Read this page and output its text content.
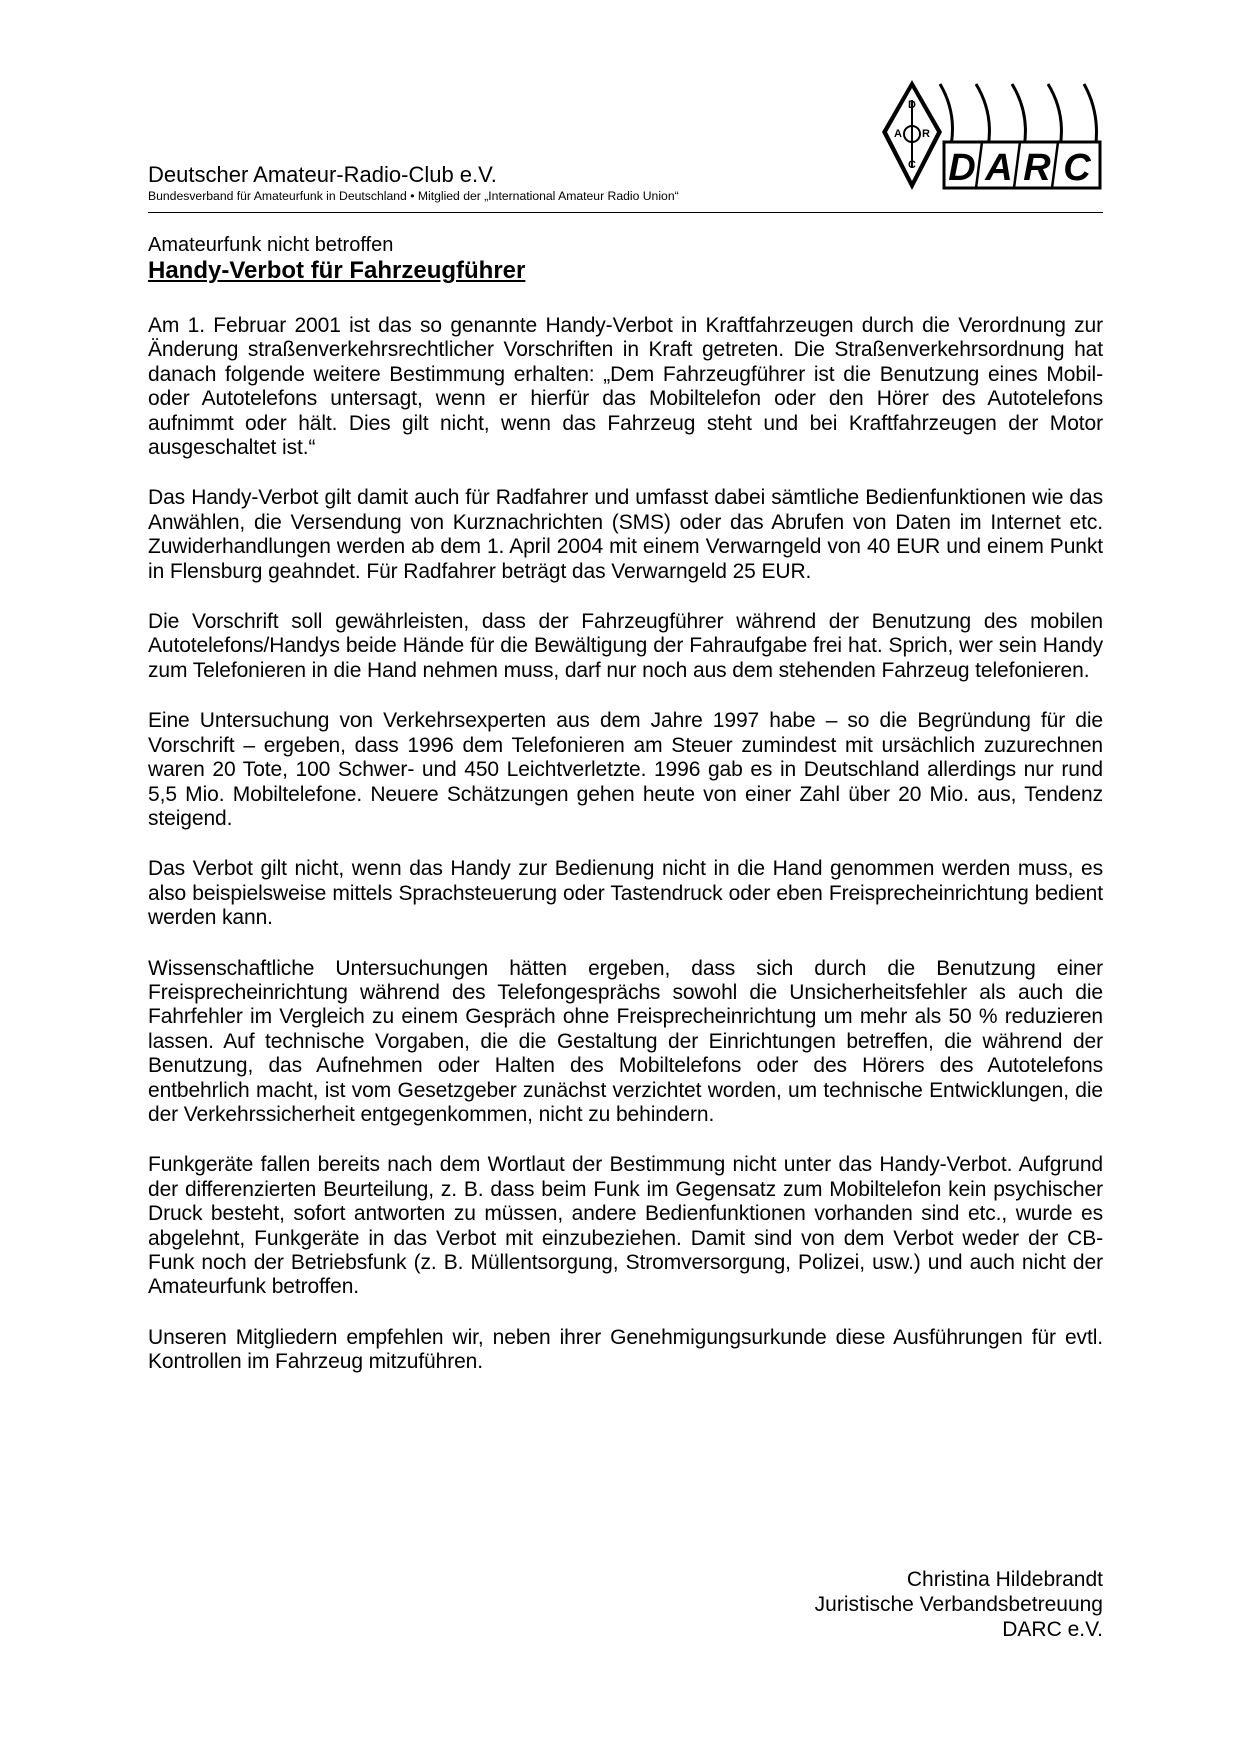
Deutscher Amateur-Radio-Club e.V.
Bundesverband für Amateurfunk in Deutschland • Mitglied der „International Amateur Radio Union“
D
A R
C D A R C

Amateurfunk nicht betroffen

Handy-Verbot für Fahrzeugführer

Am 1. Februar 2001 ist das so genannte Handy-Verbot in Kraftfahrzeugen durch die Verordnung zur Änderung straßenverkehrsrechtlicher Vorschriften in Kraft getreten. Die Straßenverkehrsordnung hat danach folgende weitere Bestimmung erhalten: „Dem Fahrzeugführer ist die Benutzung eines Mobil- oder Autotelefons untersagt, wenn er hierfür das Mobiltelefon oder den Hörer des Autotelefons aufnimmt oder hält. Dies gilt nicht, wenn das Fahrzeug steht und bei Kraftfahrzeugen der Motor ausgeschaltet ist.“

Das Handy-Verbot gilt damit auch für Radfahrer und umfasst dabei sämtliche Bedienfunktionen wie das Anwählen, die Versendung von Kurznachrichten (SMS) oder das Abrufen von Daten im Internet etc. Zuwiderhandlungen werden ab dem 1. April 2004 mit einem Verwarngeld von 40 EUR und einem Punkt in Flensburg geahndet. Für Radfahrer beträgt das Verwarngeld 25 EUR.

Die Vorschrift soll gewährleisten, dass der Fahrzeugführer während der Benutzung des mobilen Autotelefons/Handys beide Hände für die Bewältigung der Fahraufgabe frei hat. Sprich, wer sein Handy zum Telefonieren in die Hand nehmen muss, darf nur noch aus dem stehenden Fahrzeug telefonieren.

Eine Untersuchung von Verkehrsexperten aus dem Jahre 1997 habe – so die Begründung für die Vorschrift – ergeben, dass 1996 dem Telefonieren am Steuer zumindest mit ursächlich zuzurechnen waren 20 Tote, 100 Schwer- und 450 Leichtverletzte. 1996 gab es in Deutschland allerdings nur rund 5,5 Mio. Mobiltelefone. Neuere Schätzungen gehen heute von einer Zahl über 20 Mio. aus, Tendenz steigend.

Das Verbot gilt nicht, wenn das Handy zur Bedienung nicht in die Hand genommen werden muss, es also beispielsweise mittels Sprachsteuerung oder Tastendruck oder eben Freisprecheinrichtung bedient werden kann.

Wissenschaftliche Untersuchungen hätten ergeben, dass sich durch die Benutzung einer Freisprecheinrichtung während des Telefongesprächs sowohl die Unsicherheitsfehler als auch die Fahrfehler im Vergleich zu einem Gespräch ohne Freisprecheinrichtung um mehr als 50 % reduzieren lassen. Auf technische Vorgaben, die die Gestaltung der Einrichtungen betreffen, die während der Benutzung, das Aufnehmen oder Halten des Mobiltelefons oder des Hörers des Autotelefons entbehrlich macht, ist vom Gesetzgeber zunächst verzichtet worden, um technische Entwicklungen, die der Verkehrssicherheit entgegenkommen, nicht zu behindern.

Funkgeräte fallen bereits nach dem Wortlaut der Bestimmung nicht unter das Handy-Verbot. Aufgrund der differenzierten Beurteilung, z. B. dass beim Funk im Gegensatz zum Mobiltelefon kein psychischer Druck besteht, sofort antworten zu müssen, andere Bedienfunktionen vorhanden sind etc., wurde es abgelehnt, Funkgeräte in das Verbot mit einzubeziehen. Damit sind von dem Verbot weder der CB-Funk noch der Betriebsfunk (z. B. Müllentsorgung, Stromversorgung, Polizei, usw.) und auch nicht der Amateurfunk betroffen.

Unseren Mitgliedern empfehlen wir, neben ihrer Genehmigungsurkunde diese Ausführungen für evtl. Kontrollen im Fahrzeug mitzuführen.

Christina Hildebrandt
Juristische Verbandsbetreuung
DARC e.V.
